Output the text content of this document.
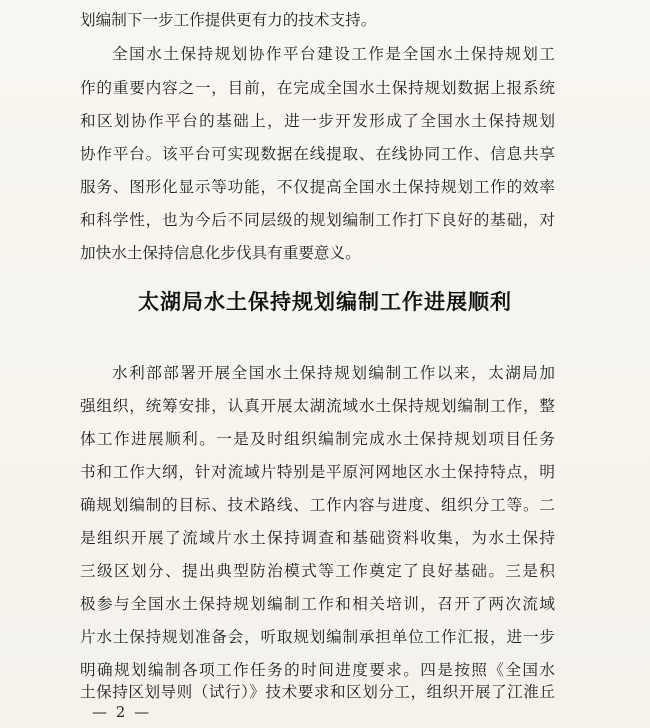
划编制下一步工作提供更有力的技术支持。
全国水土保持规划协作平台建设工作是全国水土保持规划工
作的重要内容之一，目前，在完成全国水土保持规划数据上报系统
和区划协作平台的基础上，进一步开发形成了全国水土保持规划
协作平台。该平台可实现数据在线提取、在线协同工作、信息共享
服务、图形化显示等功能，不仅提高全国水土保持规划工作的效率
和科学性，也为今后不同层级的规划编制工作打下良好的基础，对
加快水土保持信息化步伐具有重要意义。
太湖局水土保持规划编制工作进展顺利
水利部部署开展全国水土保持规划编制工作以来，太湖局加
强组织，统筹安排，认真开展太湖流域水土保持规划编制工作，整
体工作进展顺利。一是及时组织编制完成水土保持规划项目任务
书和工作大纲，针对流域片特别是平原河网地区水土保持特点，明
确规划编制的目标、技术路线、工作内容与进度、组织分工等。二
是组织开展了流域片水土保持调查和基础资料收集，为水土保持
三级区划分、提出典型防治模式等工作奠定了良好基础。三是积
极参与全国水土保持规划编制工作和相关培训，召开了两次流域
片水土保持规划准备会，听取规划编制承担单位工作汇报，进一步
明确规划编制各项工作任务的时间进度要求。四是按照《全国水
土保持区划导则（试行）》技术要求和区划分工，组织开展了江淮丘
— 2 —
